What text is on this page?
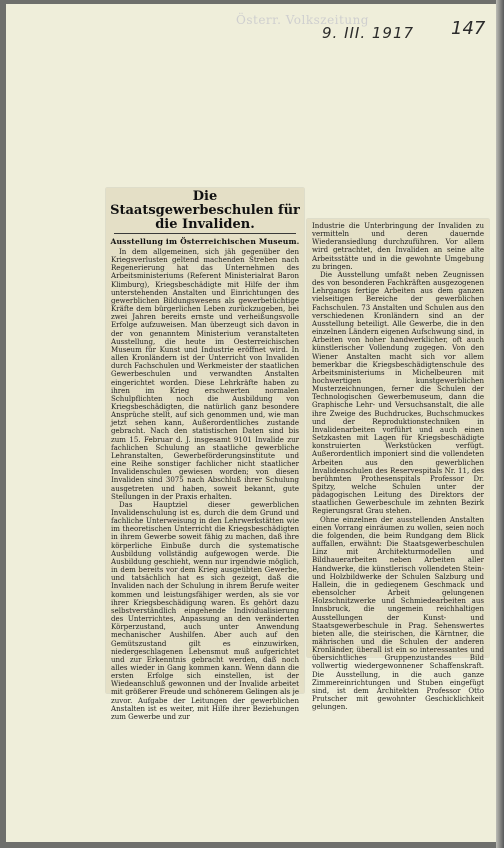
Österr. Volkszeitung
9. III. 1917 147
Die Staatsgewerbeschulen für die Invaliden.
Ausstellung im Österreichischen Museum.

In dem allgemeinen, sich jäh gegenüber den Kriegsverlusten geltend machenden Streben nach Regenerierung hat das Unternehmen des Arbeitsministeriums (Referent Ministerialrat Baron Klimburg), Kriegsbeschädigte mit Hilfe der ihm unterstehenden Anstalten und Einrichtungen des gewerblichen Bildungswesens als gewerbetüchtige Kräfte dem bürgerlichen Leben zurückzugeben, bei zwei Jahren bereits ernste und verheißungsvolle Erfolge aufzuweisen. Man überzeugt sich davon in der von genanntem Ministerium veranstalteten Ausstellung, die heute im Oesterreichischen Museum für Kunst und Industrie eröffnet wird. In allen Kronländern ist der Unterricht von Invaliden durch Fachschulen und Werkmeister der staatlichen Gewerbeschulen und verwandten Anstalten eingerichtet worden. Diese Lehrkräfte haben zu ihren im Krieg erschwerten normalen Schulpflichten noch die Ausbildung von Kriegsbeschädigten, die natürlich ganz besondere Ansprüche stellt, auf sich genommen und, wie man jetzt sehen kann, Außerordentliches zustande gebracht. Nach den statistischen Daten sind bis zum 15. Februar d. J. insgesamt 9101 Invalide zur fachlichen Schulung an staatliche gewerbliche Lehranstalten, Gewerbeförderungsinstitute und eine Reihe sonstiger fachlicher nicht staatlicher Invalidenschulen gewiesen worden; von diesen Invaliden sind 3075 nach Abschluß ihrer Schulung ausgetreten und haben, soweit bekannt, gute Stellungen in der Praxis erhalten.

Das Hauptziel dieser gewerblichen Invalidenschulung ist es, durch die dem Grund und fachliche Unterweisung in den Lehrwerkstätten wie im theoretischen Unterricht die Kriegsbeschädigten in ihrem Gewerbe soweit fähig zu machen, daß ihre körperliche Einbuße durch die systematische Ausbildung vollständig aufgewogen werde. Die Ausbildung geschieht, wenn nur irgendwie möglich, in dem bereits vor dem Krieg ausgeübten Gewerbe, und tatsächlich hat es sich gezeigt, daß die Invaliden nach der Schulung in ihrem Berufe weiter kommen und leistungsfähiger werden, als sie vor ihrer Kriegsbeschädigung waren. Es gehört dazu selbstverständlich eingehende Individualisierung des Unterrichtes, Anpassung an den veränderten Körperzustand, auch unter Anwendung mechanischer Aushilfen. Aber auch auf den Gemütszustand gilt es einzuwirken, niedergeschlagenen Lebensmut muß aufgerichtet und zur Erkenntnis gebracht werden, daß noch alles wieder in Gang kommen kann. Wenn dann die ersten Erfolge sich einstellen, ist der Wiedeanschluß gewonnen und der Invalide arbeitet mit größerer Freude und schönerem Gelingen als je zuvor. Aufgabe der Leitungen der gewerblichen Anstalten ist es weiter, mit Hilfe ihrer Beziehungen zum Gewerbe und zur

Industrie die Unterbringung der Invaliden zu vermitteln und deren dauernde Wiederansiedlung durchzuführen. Vor allem wird getrachtet, den Invaliden an seine alte Arbeitsstätte und in die gewohnte Umgebung zu bringen.

Die Ausstellung umfaßt neben Zeugnissen des von besonderen Fachkräften ausgezogenen Lehrgangs fertige Arbeiten aus dem ganzen vielseitigen Bereiche der gewerblichen Fachschulen. 73 Anstalten und Schulen aus den verschiedenen Kronländern sind an der Ausstellung beteiligt. Alle Gewerbe, die in den einzelnen Ländern eigenen Aufschwung sind, in Arbeiten von hoher handwerklicher, oft auch künstlerischer Vollendung zugegen. Von den Wiener Anstalten macht sich vor allem bemerkbar die Kriegsbeschädigtenschule des Arbeitsministeriums in Michelbeuren mit hochwertigen kunstgewerblichen Musterzeichnungen, ferner die Schulen der Technologischen Gewerbemuseum, dann die Graphische Lehr- und Versuchsanstalt, die alle ihre Zweige des Buchdruckes, Buchschmuckes und der Reproduktionstechniken in Invalidenarbeiten vorführt und auch einen Setzkasten mit Lagen für Kriegsbeschädigte konstruierten Werkstücken verfügt. Außerordentlich imponiert sind die vollendeten Arbeiten aus den gewerblichen Invalidenschulen des Reservespitals Nr. 11, des berühmten Prothesenspitals Professor Dr. Spitzy, welche Schulen unter der pädagogischen Leitung des Direktors der staatlichen Gewerbeschule im zehnten Bezirk Regierungsrat Grau stehen.

Ohne einzelnen der ausstellenden Anstalten einen Vorrang einräumen zu wollen, seien noch die folgenden, die beim Rundgang dem Blick auffallen, erwähnt: Die Staatsgewerbeschulen Linz mit Architekturmodellen und Bildhauerarbeiten neben Arbeiten aller Handwerke, die künstlerisch vollendeten Stein- und Holzbildwerke der Schulen Salzburg und Hallein, die in gediegenem Geschmack und ebensolcher Arbeit gelungenen Holzschnitzwerke und Schmiedearbeiten aus Innsbruck, die ungemein reichhaltigen Ausstellungen der Kunst- und Staatsgewerbeschule in Prag. Sehenswertes bieten alle, die steirischen, die Kärntner, die mährischen und die Schulen der anderen Kronländer, überall ist ein so interessantes und übersichtliches Gruppenzustandes Bild vollwertig wiedergewonnener Schaffenskraft. Die Ausstellung, in die auch ganze Zimmereinrichtungen und Stuben eingefügt sind, ist dem Architekten Professor Otto Prutscher mit gewohnter Geschicklichkeit gelungen.
